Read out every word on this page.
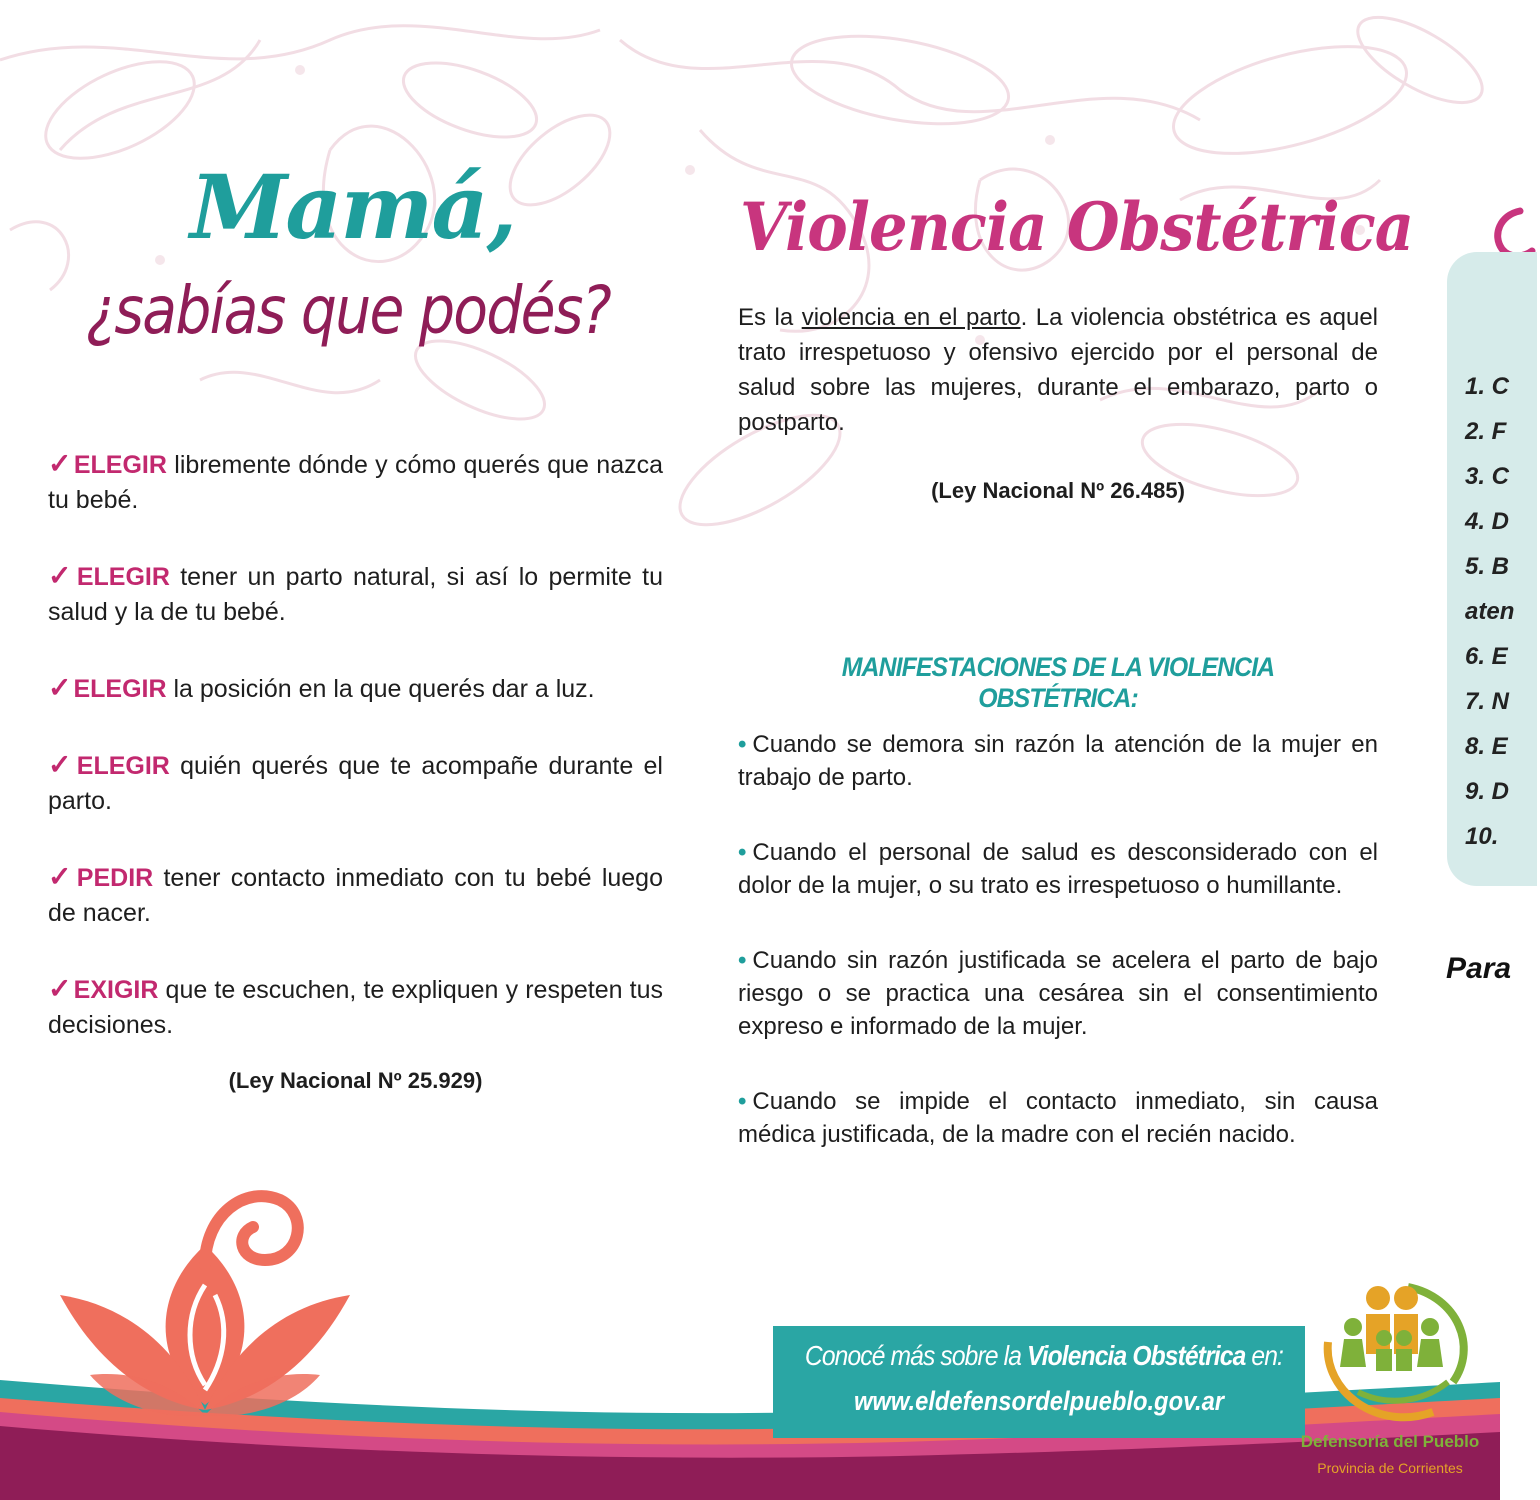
Mamá,
¿sabías que podés?
✓ELEGIR libremente dónde y cómo querés que nazca tu bebé.
✓ELEGIR tener un parto natural, si así lo permite tu salud y la de tu bebé.
✓ELEGIR la posición en la que querés dar a luz.
✓ELEGIR quién querés que te acompañe durante el parto.
✓PEDIR tener contacto inmediato con tu bebé luego de nacer.
✓EXIGIR que te escuchen, te expliquen y respeten tus decisiones.
(Ley Nacional Nº 25.929)
Violencia Obstétrica
Es la violencia en el parto. La violencia obstétrica es aquel trato irrespetuoso y ofensivo ejercido por el personal de salud sobre las mujeres, durante el embarazo, parto o postparto.
(Ley Nacional Nº 26.485)
MANIFESTACIONES DE LA VIOLENCIA OBSTÉTRICA:
• Cuando se demora sin razón la atención de la mujer en trabajo de parto.
• Cuando el personal de salud es desconsiderado con el dolor de la mujer, o su trato es irrespetuoso o humillante.
• Cuando sin razón justificada se acelera el parto de bajo riesgo o se practica una cesárea sin el consentimiento expreso e informado de la mujer.
• Cuando se impide el contacto inmediato, sin causa médica justificada, de la madre con el recién nacido.
1. C
2. F
3. C
4. D
5. B
aten
6. E
7. N
8. E
9. D
10.
Para
Conocé más sobre la Violencia Obstétrica en:
www.eldefensordelpueblo.gov.ar
Defensoría del Pueblo
Provincia de Corrientes
